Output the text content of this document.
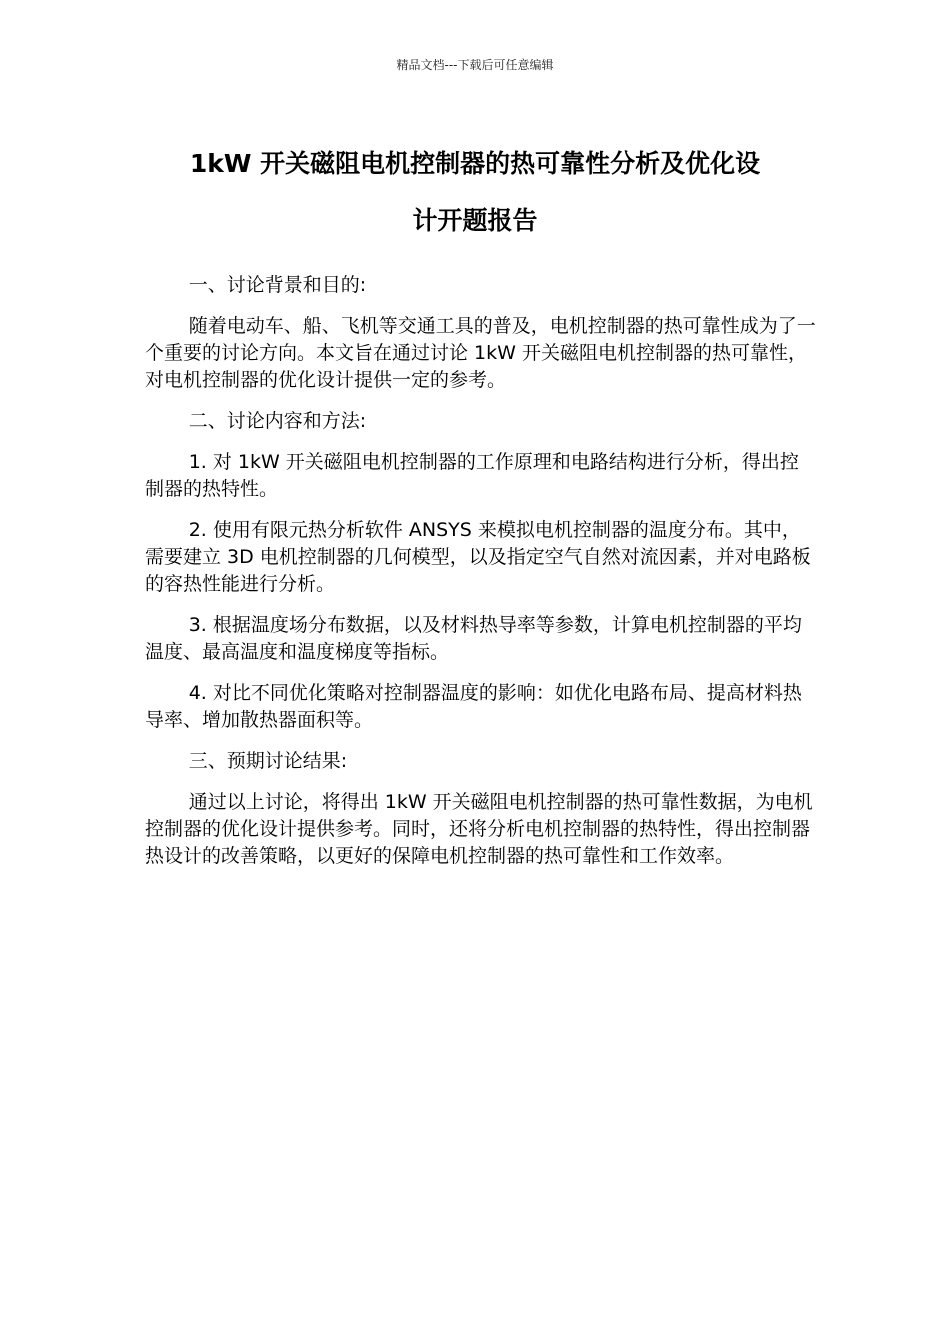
精品文档---下载后可任意编辑
1kW 开关磁阻电机控制器的热可靠性分析及优化设
计开题报告

一、讨论背景和目的:

随着电动车、船、飞机等交通工具的普及，电机控制器的热可靠性成为了一个重要的讨论方向。本文旨在通过讨论 1kW 开关磁阻电机控制器的热可靠性，对电机控制器的优化设计提供一定的参考。

二、讨论内容和方法:

1. 对 1kW 开关磁阻电机控制器的工作原理和电路结构进行分析，得出控制器的热特性。

2. 使用有限元热分析软件 ANSYS 来模拟电机控制器的温度分布。其中，需要建立 3D 电机控制器的几何模型，以及指定空气自然对流因素，并对电路板的容热性能进行分析。

3. 根据温度场分布数据，以及材料热导率等参数，计算电机控制器的平均温度、最高温度和温度梯度等指标。

4. 对比不同优化策略对控制器温度的影响：如优化电路布局、提高材料热导率、增加散热器面积等。

三、预期讨论结果:

通过以上讨论，将得出 1kW 开关磁阻电机控制器的热可靠性数据，为电机控制器的优化设计提供参考。同时，还将分析电机控制器的热特性，得出控制器热设计的改善策略，以更好的保障电机控制器的热可靠性和工作效率。
